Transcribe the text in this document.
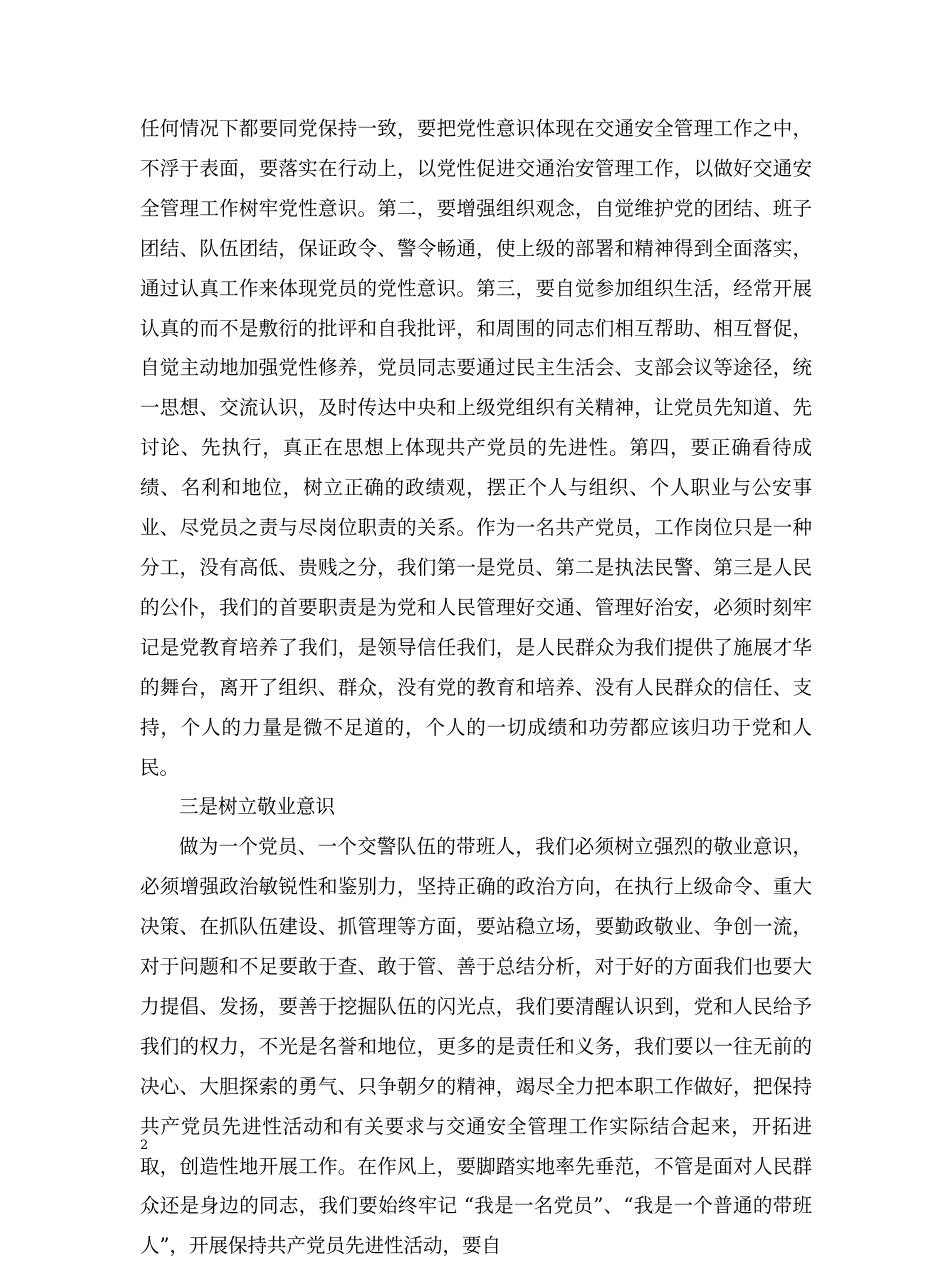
任何情况下都要同党保持一致，要把党性意识体现在交通安全管理工作之中，不浮于表面，要落实在行动上，以党性促进交通治安管理工作，以做好交通安全管理工作树牢党性意识。第二，要增强组织观念，自觉维护党的团结、班子团结、队伍团结，保证政令、警令畅通，使上级的部署和精神得到全面落实，通过认真工作来体现党员的党性意识。第三，要自觉参加组织生活，经常开展认真的而不是敷衍的批评和自我批评，和周围的同志们相互帮助、相互督促，自觉主动地加强党性修养，党员同志要通过民主生活会、支部会议等途径，统一思想、交流认识，及时传达中央和上级党组织有关精神，让党员先知道、先讨论、先执行，真正在思想上体现共产党员的先进性。第四，要正确看待成绩、名利和地位，树立正确的政绩观，摆正个人与组织、个人职业与公安事业、尽党员之责与尽岗位职责的关系。作为一名共产党员，工作岗位只是一种分工，没有高低、贵贱之分，我们第一是党员、第二是执法民警、第三是人民的公仆，我们的首要职责是为党和人民管理好交通、管理好治安，必须时刻牢记是党教育培养了我们，是领导信任我们，是人民群众为我们提供了施展才华的舞台，离开了组织、群众，没有党的教育和培养、没有人民群众的信任、支持，个人的力量是微不足道的，个人的一切成绩和功劳都应该归功于党和人民。

三是树立敬业意识

做为一个党员、一个交警队伍的带班人，我们必须树立强烈的敬业意识，必须增强政治敏锐性和鉴别力，坚持正确的政治方向，在执行上级命令、重大决策、在抓队伍建设、抓管理等方面，要站稳立场，要勤政敬业、争创一流，对于问题和不足要敢于查、敢于管、善于总结分析，对于好的方面我们也要大力提倡、发扬，要善于挖掘队伍的闪光点，我们要清醒认识到，党和人民给予我们的权力，不光是名誉和地位，更多的是责任和义务，我们要以一往无前的决心、大胆探索的勇气、只争朝夕的精神，竭尽全力把本职工作做好，把保持共产党员先进性活动和有关要求与交通安全管理工作实际结合起来，开拓进取，创造性地开展工作。在作风上，要脚踏实地率先垂范，不管是面对人民群众还是身边的同志，我们要始终牢记 “我是一名党员”、“我是一个普通的带班人”，开展保持共产党员先进性活动，要自

2
